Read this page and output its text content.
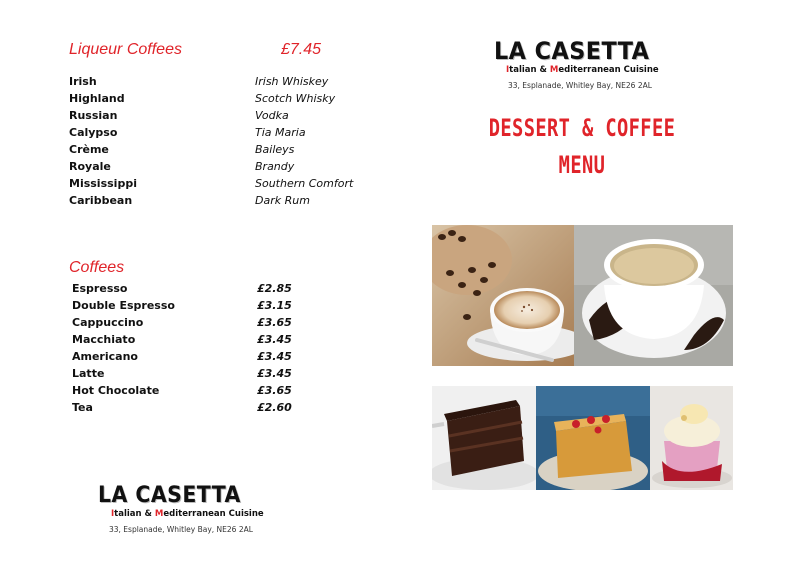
Liqueur Coffees	£7.45
Irish	Irish Whiskey
Highland	Scotch Whisky
Russian	Vodka
Calypso	Tia Maria
Crème	Baileys
Royale	Brandy
Mississippi	Southern Comfort
Caribbean	Dark Rum
Coffees
Espresso	£2.85
Double Espresso	£3.15
Cappuccino	£3.65
Macchiato	£3.45
Americano	£3.45
Latte	£3.45
Hot Chocolate	£3.65
Tea	£2.60
LA CASETTA
Italian & Mediterranean Cuisine
33, Esplanade, Whitley Bay, NE26 2AL
LA CASETTA
Italian & Mediterranean Cuisine
33, Esplanade, Whitley Bay, NE26 2AL
DESSERT & COFFEE
MENU
